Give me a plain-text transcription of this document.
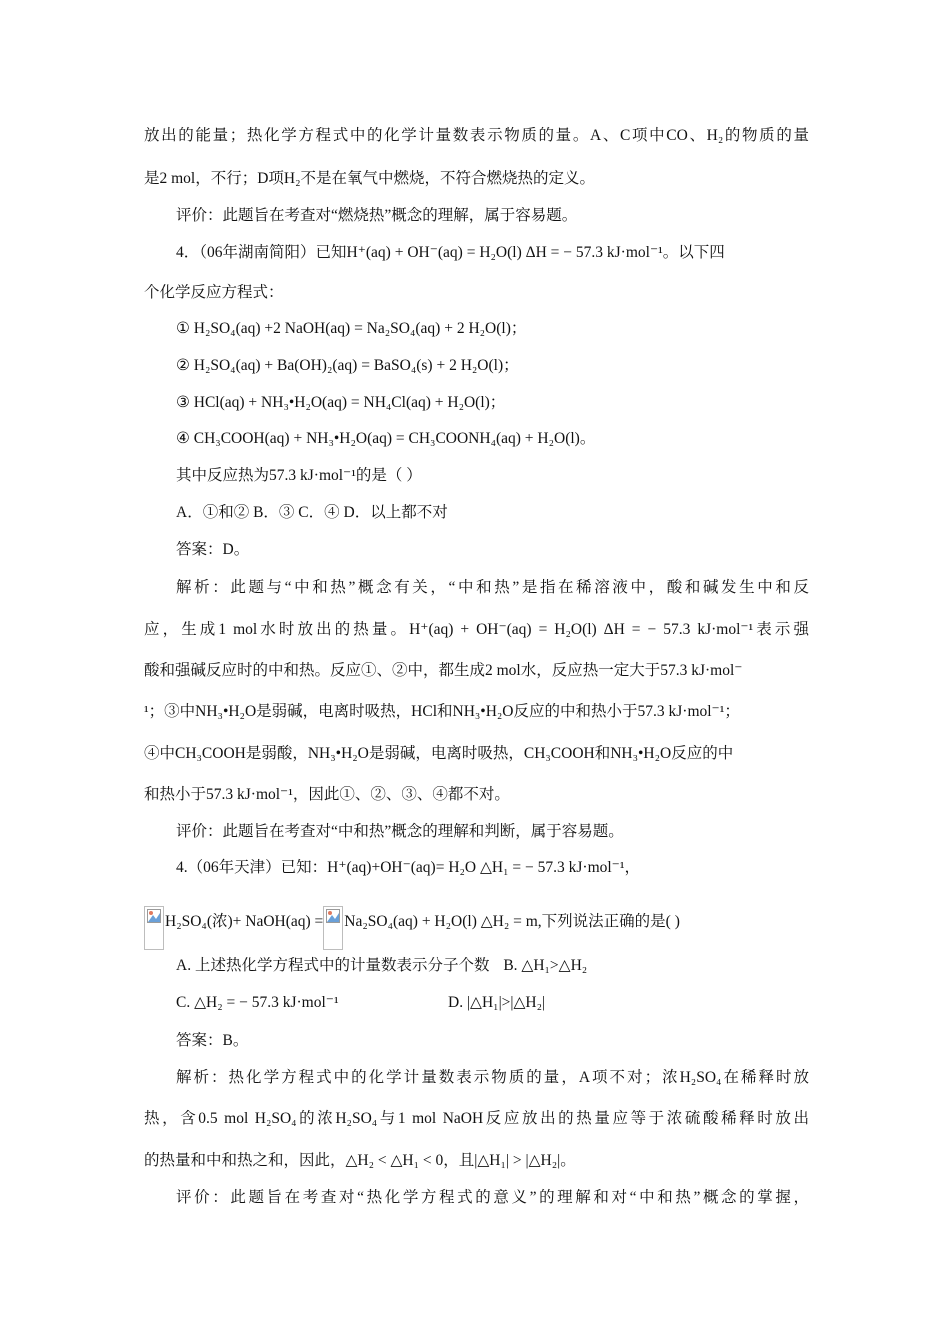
放出的能量；热化学方程式中的化学计量数表示物质的量。A、C项中CO、H₂的物质的量
是2 mol，不行；D项H₂不是在氧气中燃烧，不符合燃烧热的定义。
评价：此题旨在考查对“燃烧热”概念的理解，属于容易题。
4．（06年湖南简阳）已知H⁺(aq) + OH⁻(aq) = H₂O(l) ΔH = − 57.3 kJ·mol⁻¹。以下四
个化学反应方程式：
① H₂SO₄(aq) +2 NaOH(aq) = Na₂SO₄(aq) + 2 H₂O(l)；
② H₂SO₄(aq) + Ba(OH)₂(aq) = BaSO₄(s) + 2 H₂O(l)；
③ HCl(aq) + NH₃•H₂O(aq) = NH₄Cl(aq) + H₂O(l)；
④ CH₃COOH(aq) + NH₃•H₂O(aq) = CH₃COONH₄(aq) + H₂O(l)。
其中反应热为57.3 kJ·mol⁻¹的是（ ）
A．①和② B．③ C．④ D．以上都不对
答案：D。
解析：此题与“中和热”概念有关，“中和热”是指在稀溶液中，酸和碱发生中和反
应，生成1 mol水时放出的热量。H⁺(aq) + OH⁻(aq) = H₂O(l) ΔH = − 57.3 kJ·mol⁻¹表示强
酸和强碱反应时的中和热。反应①、②中，都生成2 mol水，反应热一定大于57.3 kJ·mol⁻
¹；③中NH₃•H₂O是弱碱，电离时吸热，HCl和NH₃•H₂O反应的中和热小于57.3 kJ·mol⁻¹；
④中CH₃COOH是弱酸，NH₃•H₂O是弱碱，电离时吸热，CH₃COOH和NH₃•H₂O反应的中
和热小于57.3 kJ·mol⁻¹，因此①、②、③、④都不对。
评价：此题旨在考查对“中和热”概念的理解和判断，属于容易题。
4.（06年天津）已知：H⁺(aq)+OH⁻(aq)= H₂O △H₁ = − 57.3 kJ·mol⁻¹，
H₂SO₄(浓)+ NaOH(aq) = Na₂SO₄(aq) + H₂O(l) △H₂ = m,下列说法正确的是( )
A. 上述热化学方程式中的计量数表示分子个数 B. △H₁>△H₂
C. △H₂ = − 57.3 kJ·mol⁻¹	D. |△H₁|>|△H₂|
答案：B。
解析：热化学方程式中的化学计量数表示物质的量，A项不对；浓H₂SO₄在稀释时放
热，含0.5 mol H₂SO₄的浓H₂SO₄与1 mol NaOH反应放出的热量应等于浓硫酸稀释时放出
的热量和中和热之和，因此，△H₂ < △H₁ < 0，且|△H₁| > |△H₂|。
评价：此题旨在考查对“热化学方程式的意义”的理解和对“中和热”概念的掌握，
